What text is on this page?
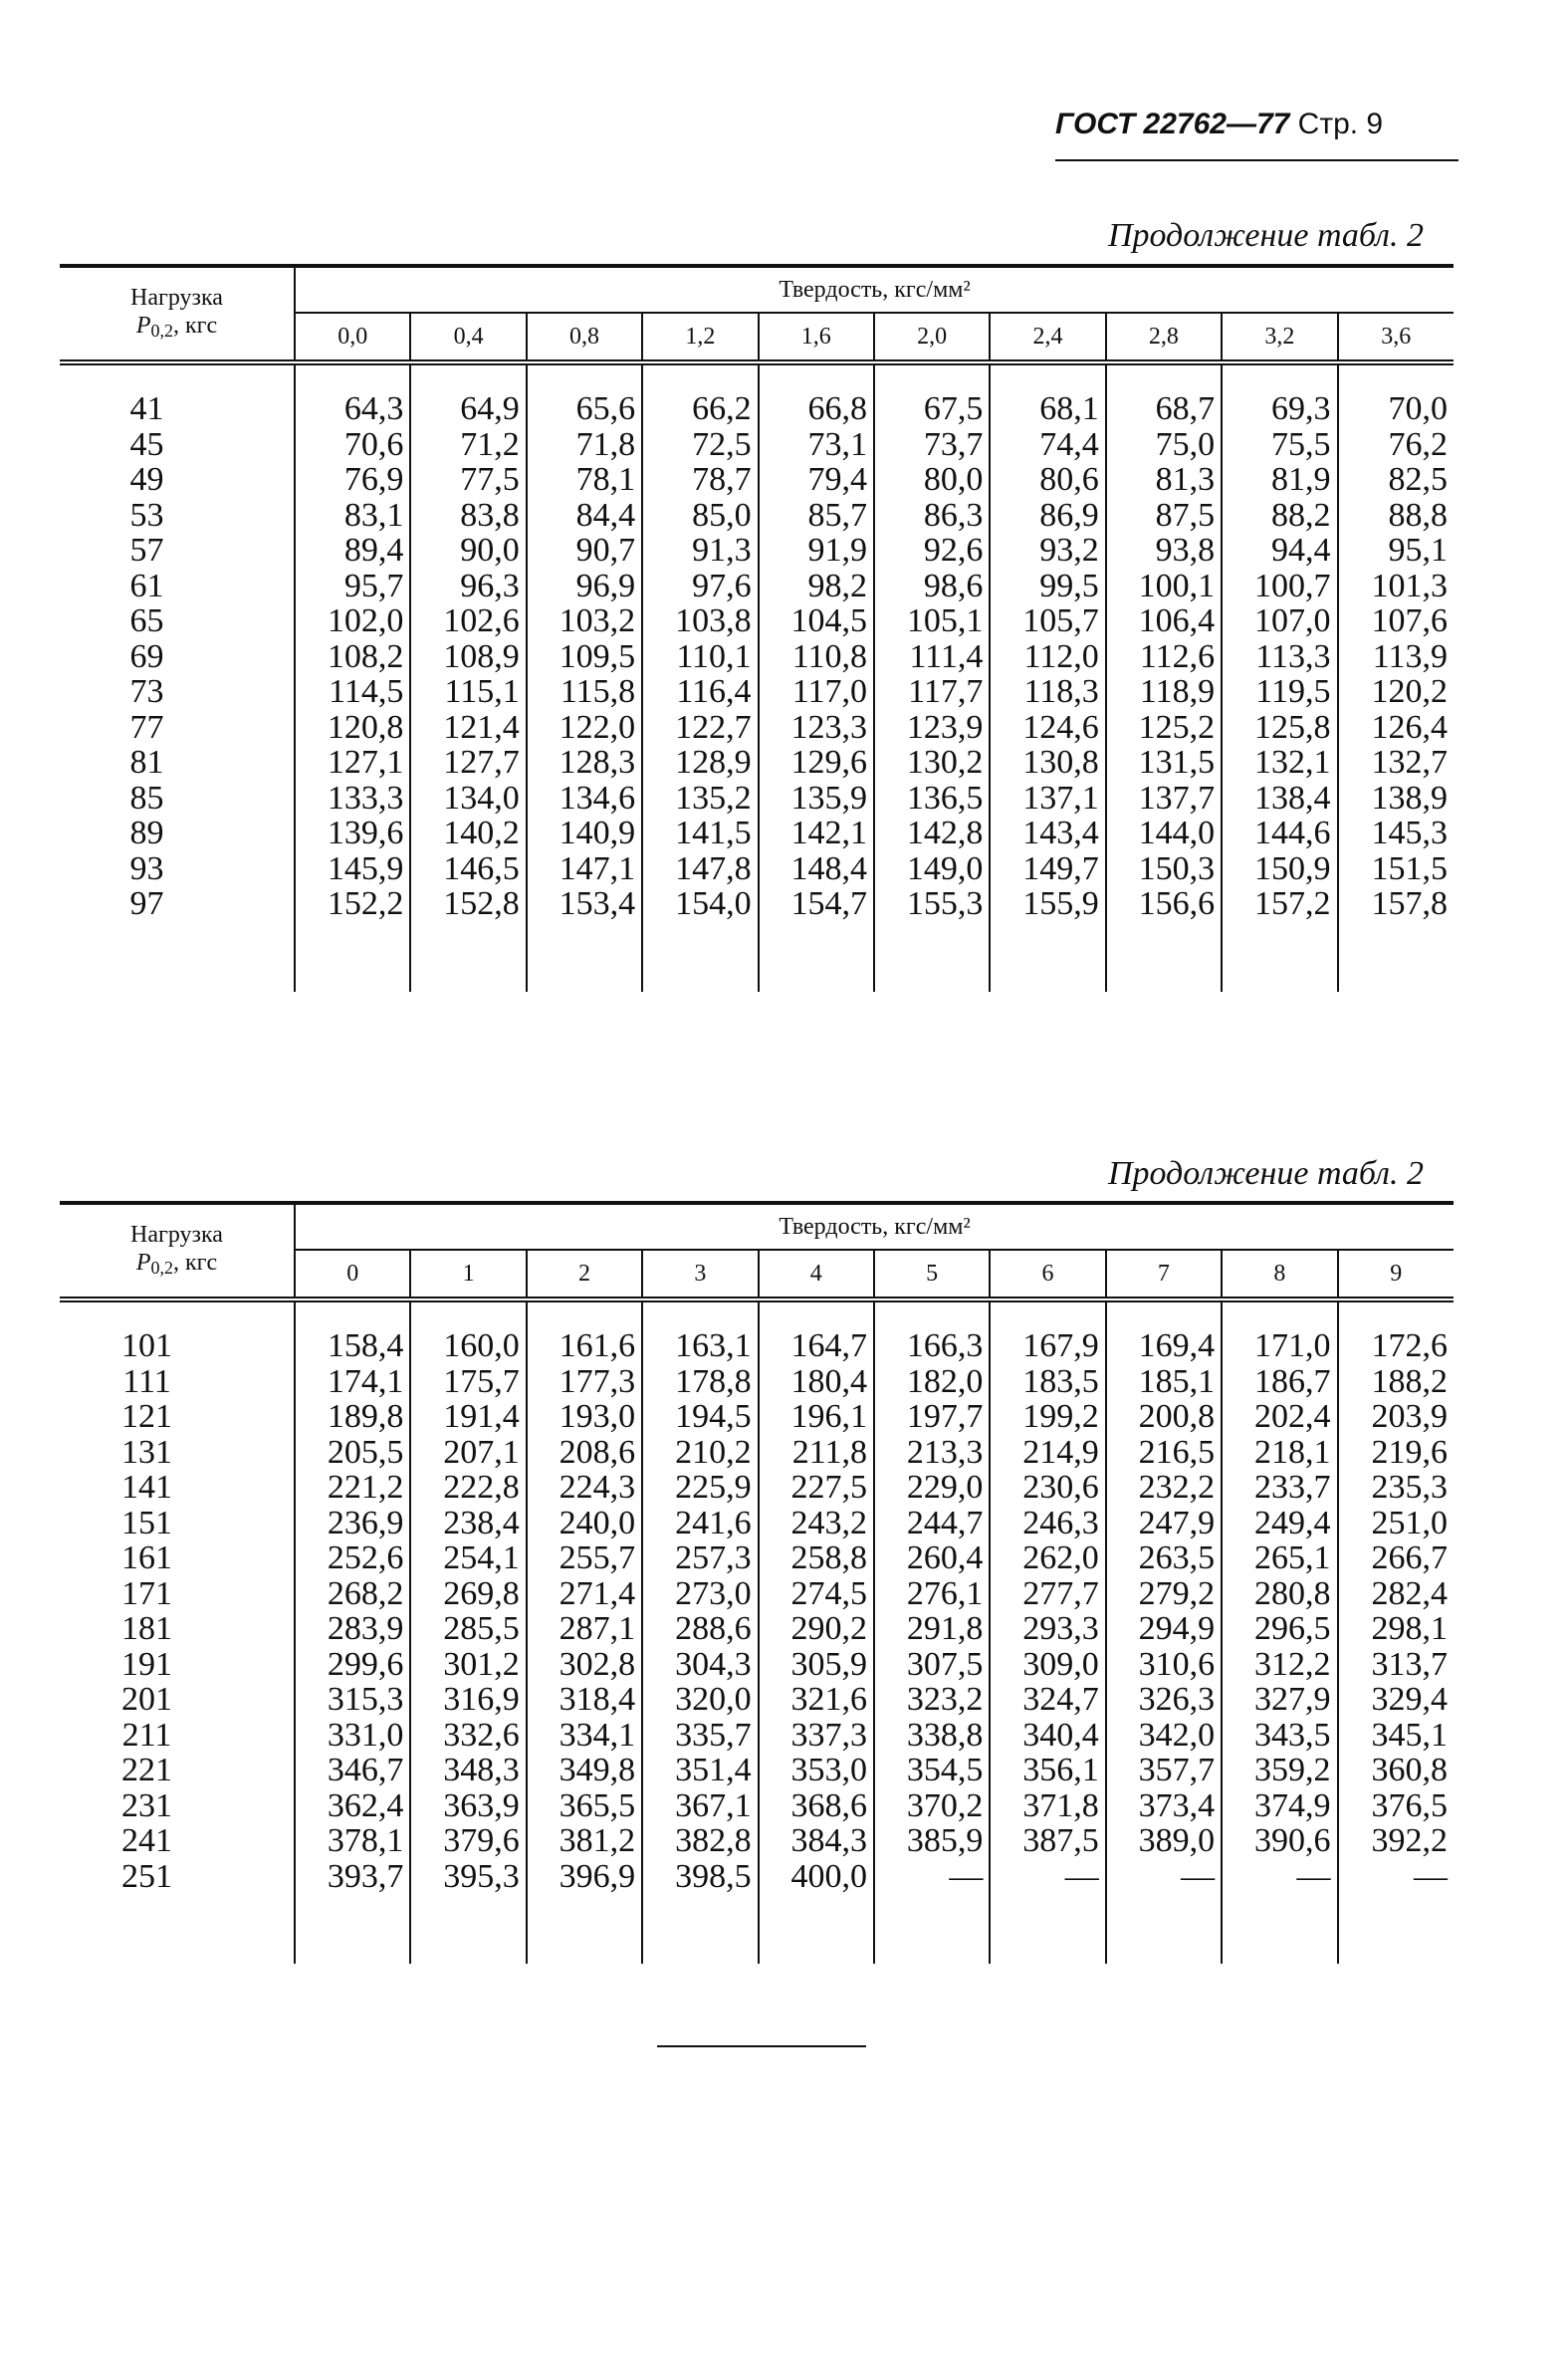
ГОСТ 22762—77 Стр. 9
Продолжение табл. 2
Нагрузка
$P_{0,2}$, кгс	Твердость, кгс/мм²									
	0,0	0,4	0,8	1,2	1,6	2,0	2,4	2,8	3,2	3,6
41	64,3	64,9	65,6	66,2	66,8	67,5	68,1	68,7	69,3	70,0
45	70,6	71,2	71,8	72,5	73,1	73,7	74,4	75,0	75,5	76,2
49	76,9	77,5	78,1	78,7	79,4	80,0	80,6	81,3	81,9	82,5
53	83,1	83,8	84,4	85,0	85,7	86,3	86,9	87,5	88,2	88,8
57	89,4	90,0	90,7	91,3	91,9	92,6	93,2	93,8	94,4	95,1
61	95,7	96,3	96,9	97,6	98,2	98,6	99,5	100,1	100,7	101,3
65	102,0	102,6	103,2	103,8	104,5	105,1	105,7	106,4	107,0	107,6
69	108,2	108,9	109,5	110,1	110,8	111,4	112,0	112,6	113,3	113,9
73	114,5	115,1	115,8	116,4	117,0	117,7	118,3	118,9	119,5	120,2
77	120,8	121,4	122,0	122,7	123,3	123,9	124,6	125,2	125,8	126,4
81	127,1	127,7	128,3	128,9	129,6	130,2	130,8	131,5	132,1	132,7
85	133,3	134,0	134,6	135,2	135,9	136,5	137,1	137,7	138,4	138,9
89	139,6	140,2	140,9	141,5	142,1	142,8	143,4	144,0	144,6	145,3
93	145,9	146,5	147,1	147,8	148,4	149,0	149,7	150,3	150,9	151,5
97	152,2	152,8	153,4	154,0	154,7	155,3	155,9	156,6	157,2	157,8

Продолжение табл. 2
Нагрузка
$P_{0,2}$, кгс	Твердость, кгс/мм²									
	0	1	2	3	4	5	6	7	8	9
101	158,4	160,0	161,6	163,1	164,7	166,3	167,9	169,4	171,0	172,6
111	174,1	175,7	177,3	178,8	180,4	182,0	183,5	185,1	186,7	188,2
121	189,8	191,4	193,0	194,5	196,1	197,7	199,2	200,8	202,4	203,9
131	205,5	207,1	208,6	210,2	211,8	213,3	214,9	216,5	218,1	219,6
141	221,2	222,8	224,3	225,9	227,5	229,0	230,6	232,2	233,7	235,3
151	236,9	238,4	240,0	241,6	243,2	244,7	246,3	247,9	249,4	251,0
161	252,6	254,1	255,7	257,3	258,8	260,4	262,0	263,5	265,1	266,7
171	268,2	269,8	271,4	273,0	274,5	276,1	277,7	279,2	280,8	282,4
181	283,9	285,5	287,1	288,6	290,2	291,8	293,3	294,9	296,5	298,1
191	299,6	301,2	302,8	304,3	305,9	307,5	309,0	310,6	312,2	313,7
201	315,3	316,9	318,4	320,0	321,6	323,2	324,7	326,3	327,9	329,4
211	331,0	332,6	334,1	335,7	337,3	338,8	340,4	342,0	343,5	345,1
221	346,7	348,3	349,8	351,4	353,0	354,5	356,1	357,7	359,2	360,8
231	362,4	363,9	365,5	367,1	368,6	370,2	371,8	373,4	374,9	376,5
241	378,1	379,6	381,2	382,8	384,3	385,9	387,5	389,0	390,6	392,2
251	393,7	395,3	396,9	398,5	400,0	—	—	—	—	—
